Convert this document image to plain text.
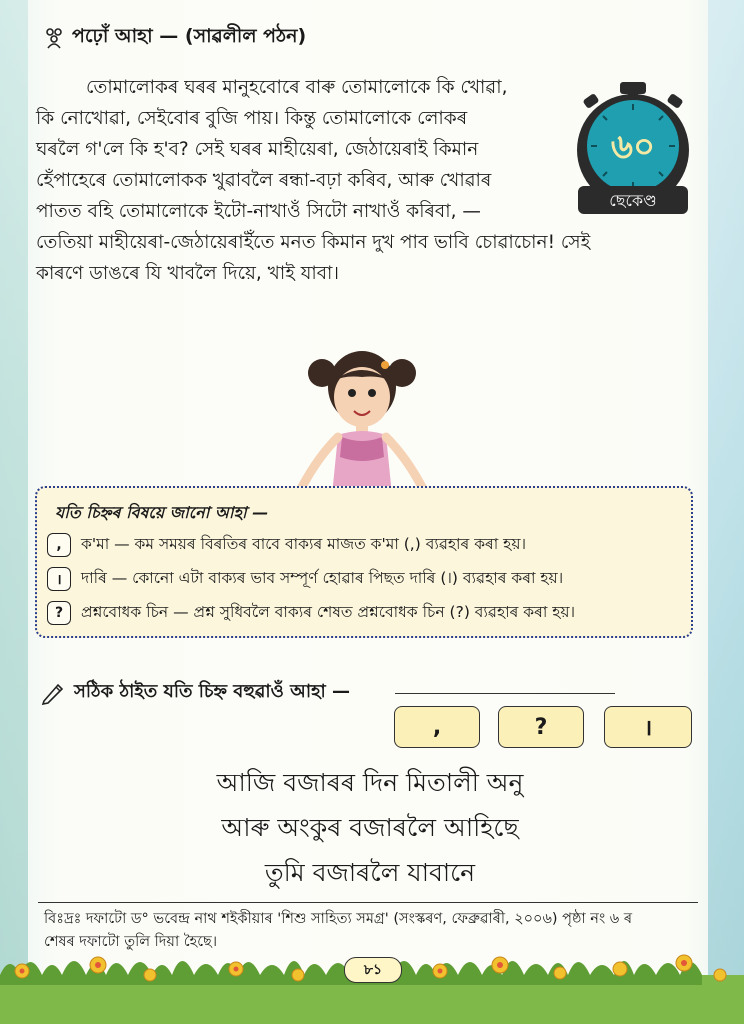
পঢ়োঁ আহা — (সাৱলীল পঠন)
তোমালোকৰ ঘৰৰ মানুহবোৰে বাৰু তোমালোকে কি খোৱা,
কি নোখোৱা, সেইবোৰ বুজি পায়। কিন্তু তোমালোকে লোকৰ
ঘৰলৈ গ'লে কি হ'ব? সেই ঘৰৰ মাহীয়েৰা, জেঠায়েৰাই কিমান
হেঁপাহেৰে তোমালোকক খুৱাবলৈ ৰন্ধা-বঢ়া কৰিব, আৰু খোৱাৰ
পাতত বহি তোমালোকে ইটো-নাখাওঁ সিটো নাখাওঁ কৰিবা, —
তেতিয়া মাহীয়েৰা-জেঠায়েৰাইঁতে মনত কিমান দুখ পাব ভাবি চোৱাচোন! সেই
কাৰণে ডাঙৰে যি খাবলৈ দিয়ে, খাই যাবা।
৬০
ছেকেণ্ড
যতি চিহ্নৰ বিষয়ে জানো আহা —
,	ক'মা — কম সময়ৰ বিৰতিৰ বাবে বাক্যৰ মাজত ক'মা (,) ব্যৱহাৰ কৰা হয়।
।	দাৰি — কোনো এটা বাক্যৰ ভাব সম্পূৰ্ণ হোৱাৰ পিছত দাৰি (।) ব্যৱহাৰ কৰা হয়।
?	প্ৰশ্নবোধক চিন — প্ৰশ্ন সুধিবলৈ বাক্যৰ শেষত প্ৰশ্নবোধক চিন (?) ব্যৱহাৰ কৰা হয়।
সঠিক ঠাইত যতি চিহ্ন বহুৱাওঁ আহা —
,	?	।
আজি বজাৰৰ দিন মিতালী অনু
আৰু অংকুৰ বজাৰলৈ আহিছে
তুমি বজাৰলৈ যাবানে
বিঃদ্ৰঃ দফাটো ড° ভবেন্দ্ৰ নাথ শইকীয়াৰ 'শিশু সাহিত্য সমগ্ৰ' (সংস্কৰণ, ফেব্ৰুৱাৰী, ২০০৬) পৃষ্ঠা নং ৬ ৰ
শেষৰ দফাটো তুলি দিয়া হৈছে।
৮১
